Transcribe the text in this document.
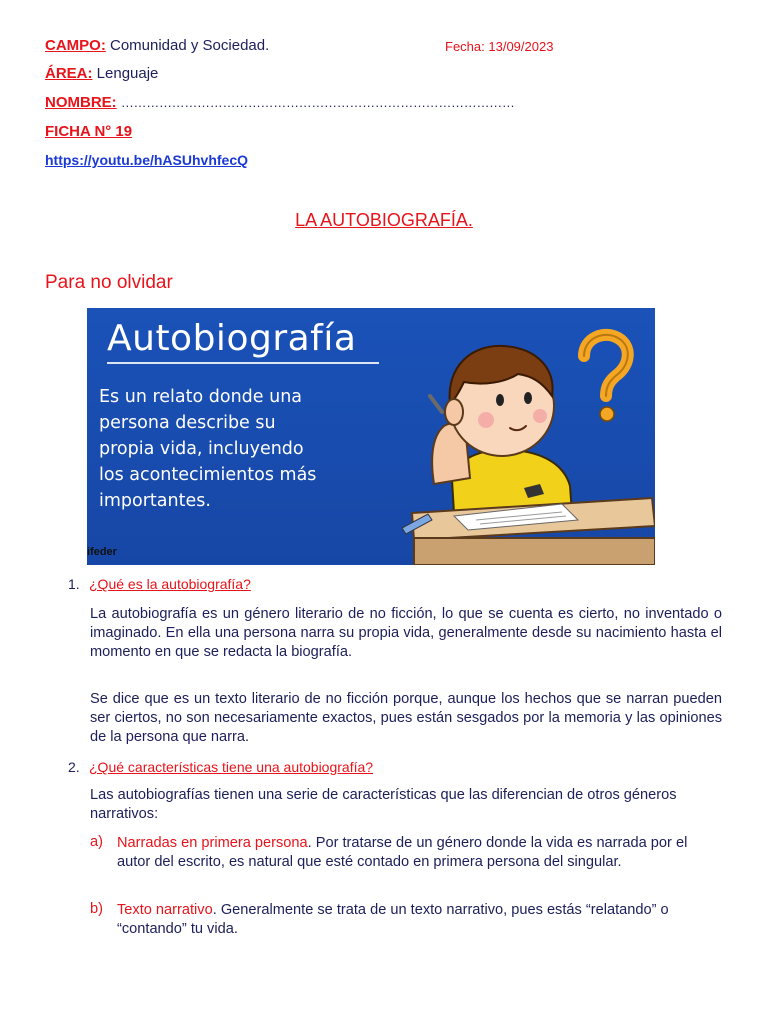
CAMPO: Comunidad y Sociedad.	Fecha: 13/09/2023
ÁREA: Lenguaje
NOMBRE: …………………………………………………………………………………
FICHA N° 19
https://youtu.be/hASUhvhfecQ
LA AUTOBIOGRAFÍA.
Para no olvidar
Autobiografía
Es un relato donde una
persona describe su
propia vida, incluyendo
los acontecimientos más
importantes.
ifeder
1. ¿Qué es la autobiografía?
La autobiografía es un género literario de no ficción, lo que se cuenta es cierto, no inventado o imaginado. En ella una persona narra su propia vida, generalmente desde su nacimiento hasta el momento en que se redacta la biografía.
Se dice que es un texto literario de no ficción porque, aunque los hechos que se narran pueden ser ciertos, no son necesariamente exactos, pues están sesgados por la memoria y las opiniones de la persona que narra.
2. ¿Qué características tiene una autobiografía?
Las autobiografías tienen una serie de características que las diferencian de otros géneros narrativos:
a) Narradas en primera persona. Por tratarse de un género donde la vida es narrada por el autor del escrito, es natural que esté contado en primera persona del singular.
b) Texto narrativo. Generalmente se trata de un texto narrativo, pues estás “relatando” o “contando” tu vida.
